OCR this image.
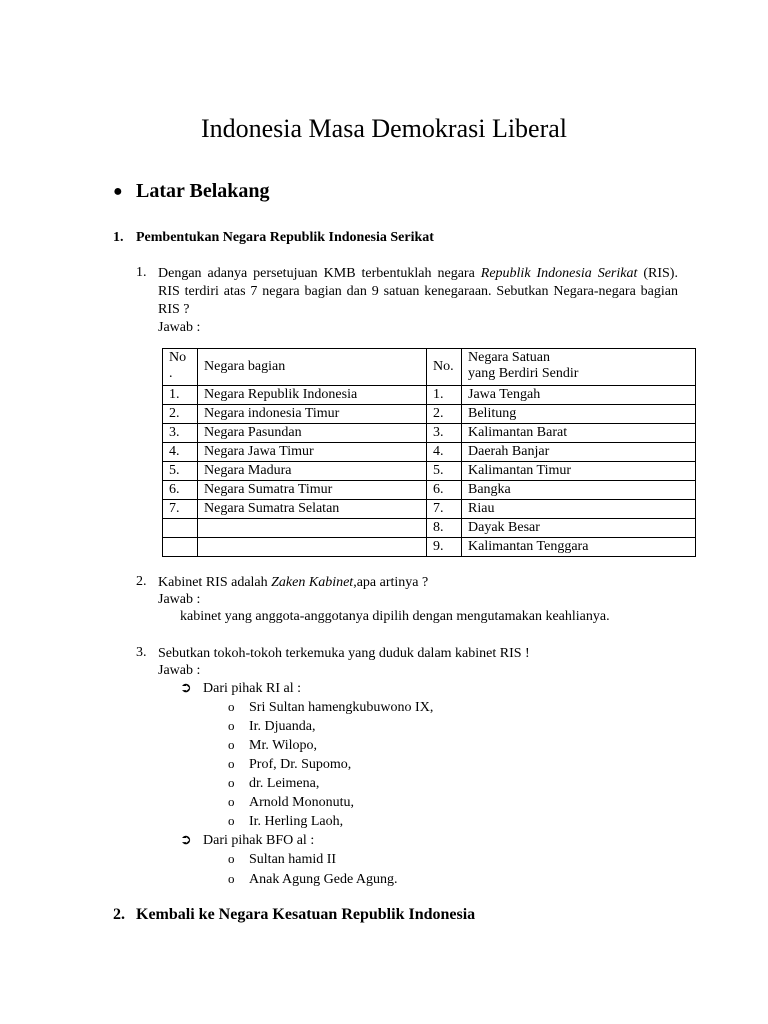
Indonesia Masa Demokrasi Liberal
● Latar Belakang
1. Pembentukan Negara Republik Indonesia Serikat
1. Dengan adanya persetujuan KMB terbentuklah negara Republik Indonesia Serikat (RIS). RIS terdiri atas 7 negara bagian dan 9 satuan kenegaraan. Sebutkan Negara-negara bagian RIS ?
Jawab :
No .	Negara bagian	No.	Negara Satuan
yang Berdiri Sendir
1.	Negara Republik Indonesia	1.	Jawa Tengah
2.	Negara indonesia Timur	2.	Belitung
3.	Negara Pasundan	3.	Kalimantan Barat
4.	Negara Jawa Timur	4.	Daerah Banjar
5.	Negara Madura	5.	Kalimantan Timur
6.	Negara Sumatra Timur	6.	Bangka
7.	Negara Sumatra Selatan	7.	Riau
		8.	Dayak Besar
		9.	Kalimantan Tenggara
2. Kabinet RIS adalah Zaken Kabinet,apa artinya ?
Jawab :
kabinet yang anggota-anggotanya dipilih dengan mengutamakan keahlianya.
3. Sebutkan tokoh-tokoh terkemuka yang duduk dalam kabinet RIS !
Jawab :
➲ Dari pihak RI al :
o Sri Sultan hamengkubuwono IX,
o Ir. Djuanda,
o Mr. Wilopo,
o Prof, Dr. Supomo,
o dr. Leimena,
o Arnold Mononutu,
o Ir. Herling Laoh,
➲ Dari pihak BFO al :
o Sultan hamid II
o Anak Agung Gede Agung.
2. Kembali ke Negara Kesatuan Republik Indonesia
